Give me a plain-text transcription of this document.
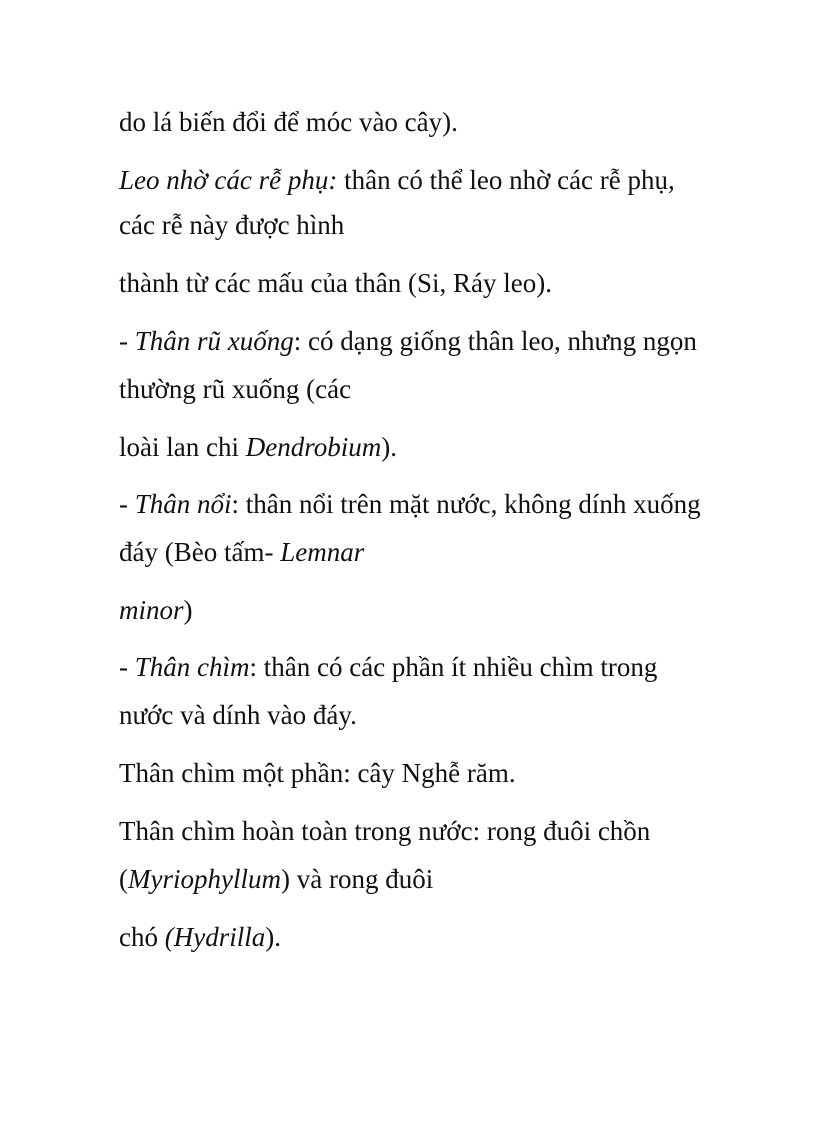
do lá biến đổi để móc vào cây).
Leo nhờ các rễ phụ: thân có thể leo nhờ các rễ phụ,
các rễ này được hình
thành từ các mấu của thân (Si, Ráy leo).
- Thân rũ xuống: có dạng giống thân leo, nhưng ngọn
thường rũ xuống (các
loài lan chi Dendrobium).
- Thân nổi: thân nổi trên mặt nước, không dính xuống
đáy (Bèo tấm- Lemnar
minor)
- Thân chìm: thân có các phần ít nhiều chìm trong
nước và dính vào đáy.
Thân chìm một phần: cây Nghễ răm.
Thân chìm hoàn toàn trong nước: rong đuôi chồn
(Myriophyllum) và rong đuôi
chó (Hydrilla).
